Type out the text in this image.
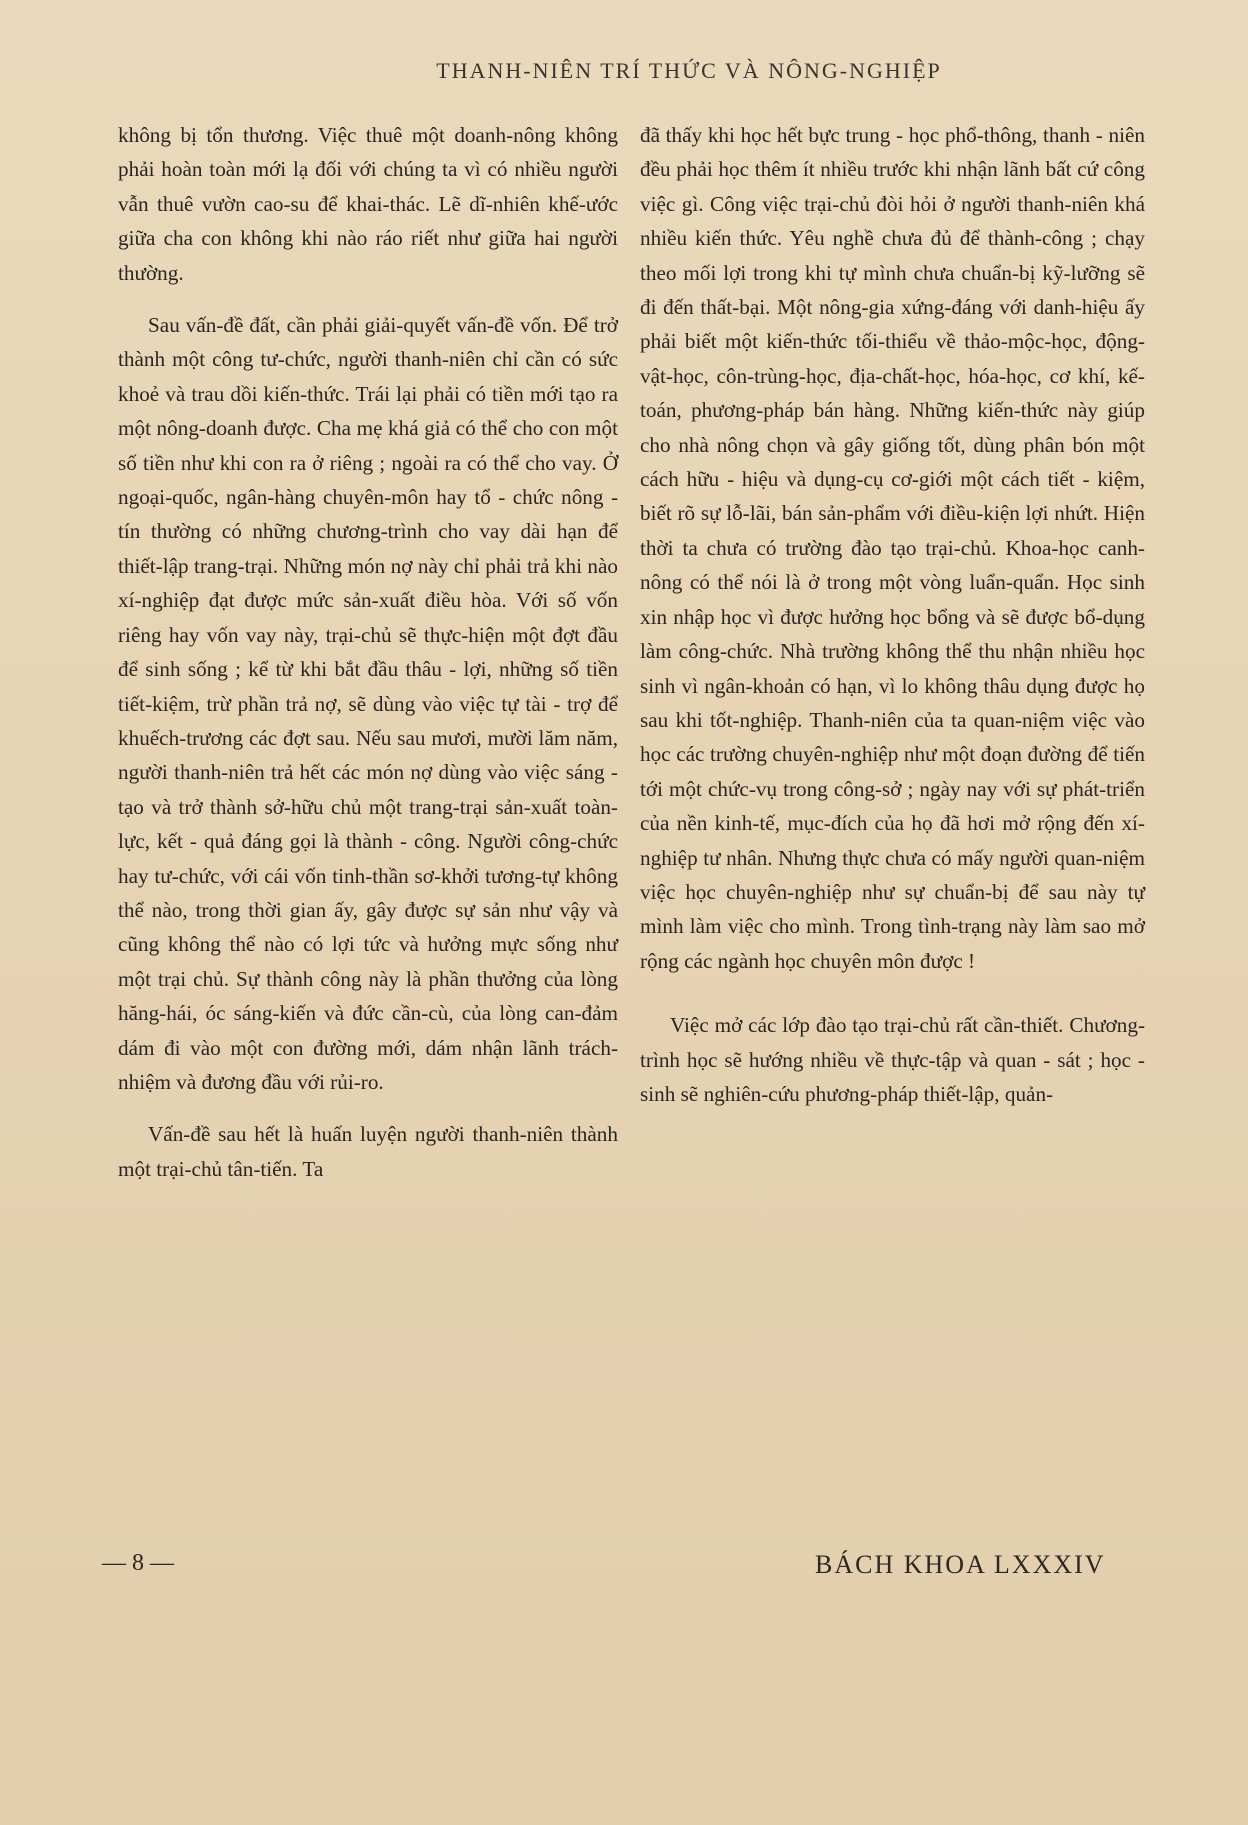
THANH-NIÊN TRÍ THỨC VÀ NÔNG-NGHIỆP

không bị tổn thương. Việc thuê một doanh-nông không phải hoàn toàn mới lạ đối với chúng ta vì có nhiều người vẫn thuê vườn cao-su để khai-thác. Lẽ dĩ-nhiên khế-ước giữa cha con không khi nào ráo riết như giữa hai người thường.

Sau vấn-đề đất, cần phải giải-quyết vấn-đề vốn. Để trở thành một công tư-chức, người thanh-niên chỉ cần có sức khoẻ và trau dồi kiến-thức. Trái lại phải có tiền mới tạo ra một nông-doanh được. Cha mẹ khá giả có thể cho con một số tiền như khi con ra ở riêng ; ngoài ra có thể cho vay. Ở ngoại-quốc, ngân-hàng chuyên-môn hay tổ - chức nông - tín thường có những chương-trình cho vay dài hạn để thiết-lập trang-trại. Những món nợ này chỉ phải trả khi nào xí-nghiệp đạt được mức sản-xuất điều hòa. Với số vốn riêng hay vốn vay này, trại-chủ sẽ thực-hiện một đợt đầu để sinh sống ; kể từ khi bắt đầu thâu - lợi, những số tiền tiết-kiệm, trừ phần trả nợ, sẽ dùng vào việc tự tài - trợ để khuếch-trương các đợt sau. Nếu sau mươi, mười lăm năm, người thanh-niên trả hết các món nợ dùng vào việc sáng - tạo và trở thành sở-hữu chủ một trang-trại sản-xuất toàn-lực, kết - quả đáng gọi là thành - công. Người công-chức hay tư-chức, với cái vốn tinh-thần sơ-khởi tương-tự không thể nào, trong thời gian ấy, gây được sự sản như vậy và cũng không thể nào có lợi tức và hưởng mực sống như một trại chủ. Sự thành công này là phần thưởng của lòng hăng-hái, óc sáng-kiến và đức cần-cù, của lòng can-đảm dám đi vào một con đường mới, dám nhận lãnh trách-nhiệm và đương đầu với rủi-ro.

Vấn-đề sau hết là huấn luyện người thanh-niên thành một trại-chủ tân-tiến. Ta

đã thấy khi học hết bực trung - học phổ-thông, thanh - niên đều phải học thêm ít nhiều trước khi nhận lãnh bất cứ công việc gì. Công việc trại-chủ đòi hỏi ở người thanh-niên khá nhiều kiến thức. Yêu nghề chưa đủ để thành-công ; chạy theo mối lợi trong khi tự mình chưa chuẩn-bị kỹ-lưỡng sẽ đi đến thất-bại. Một nông-gia xứng-đáng với danh-hiệu ấy phải biết một kiến-thức tối-thiểu về thảo-mộc-học, động-vật-học, côn-trùng-học, địa-chất-học, hóa-học, cơ khí, kế-toán, phương-pháp bán hàng. Những kiến-thức này giúp cho nhà nông chọn và gây giống tốt, dùng phân bón một cách hữu - hiệu và dụng-cụ cơ-giới một cách tiết - kiệm, biết rõ sự lỗ-lãi, bán sản-phẩm với điều-kiện lợi nhứt. Hiện thời ta chưa có trường đào tạo trại-chủ. Khoa-học canh-nông có thể nói là ở trong một vòng luẩn-quẩn. Học sinh xin nhập học vì được hưởng học bổng và sẽ được bổ-dụng làm công-chức. Nhà trường không thể thu nhận nhiều học sinh vì ngân-khoản có hạn, vì lo không thâu dụng được họ sau khi tốt-nghiệp. Thanh-niên của ta quan-niệm việc vào học các trường chuyên-nghiệp như một đoạn đường để tiến tới một chức-vụ trong công-sở ; ngày nay với sự phát-triển của nền kinh-tế, mục-đích của họ đã hơi mở rộng đến xí-nghiệp tư nhân. Nhưng thực chưa có mấy người quan-niệm việc học chuyên-nghiệp như sự chuẩn-bị để sau này tự mình làm việc cho mình. Trong tình-trạng này làm sao mở rộng các ngành học chuyên môn được !

Việc mở các lớp đào tạo trại-chủ rất cần-thiết. Chương-trình học sẽ hướng nhiều về thực-tập và quan - sát ; học - sinh sẽ nghiên-cứu phương-pháp thiết-lập, quản-

— 8 —	BÁCH KHOA LXXXIV
